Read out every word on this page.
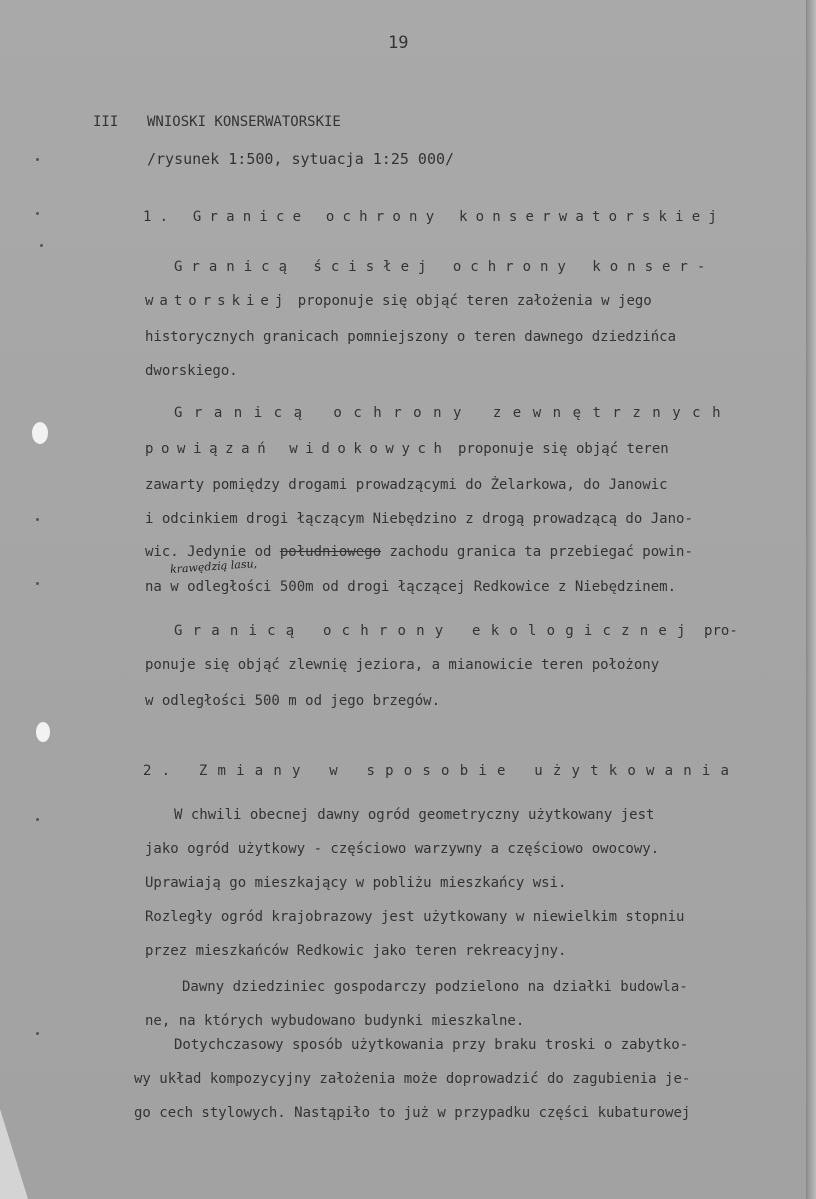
19
III WNIOSKI KONSERWATORSKIE
/rysunek 1:500, sytuacja 1:25 000/
1. Granice ochrony konserwatorskiej
Granicą ścisłej ochrony konser-
watorskiej proponuje się objąć teren założenia w jego
historycznych granicach pomniejszony o teren dawnego dziedzińca
dworskiego.
Granicą ochrony zewnętrznych
powiązań widokowych proponuje się objąć teren
zawarty pomiędzy drogami prowadzącymi do Żelarkowa, do Janowic
i odcinkiem drogi łączącym Niebędzino z drogą prowadzącą do Jano-
wic. Jedynie od południowego zachodu granica ta przebiegać powin-
krawędzią lasu,
na w odległości 500m od drogi łączącej Redkowice z Niebędzinem.
Granicą ochrony ekologicznej pro-
ponuje się objąć zlewnię jeziora, a mianowicie teren położony
w odległości 500 m od jego brzegów.
2. Zmiany w sposobie użytkowania
W chwili obecnej dawny ogród geometryczny użytkowany jest
jako ogród użytkowy - częściowo warzywny a częściowo owocowy.
Uprawiają go mieszkający w pobliżu mieszkańcy wsi.
Rozległy ogród krajobrazowy jest użytkowany w niewielkim stopniu
przez mieszkańców Redkowic jako teren rekreacyjny.
Dawny dziedziniec gospodarczy podzielono na działki budowla-
ne, na których wybudowano budynki mieszkalne.
Dotychczasowy sposób użytkowania przy braku troski o zabytko-
wy układ kompozycyjny założenia może doprowadzić do zagubienia je-
go cech stylowych. Nastąpiło to już w przypadku części kubaturowej
